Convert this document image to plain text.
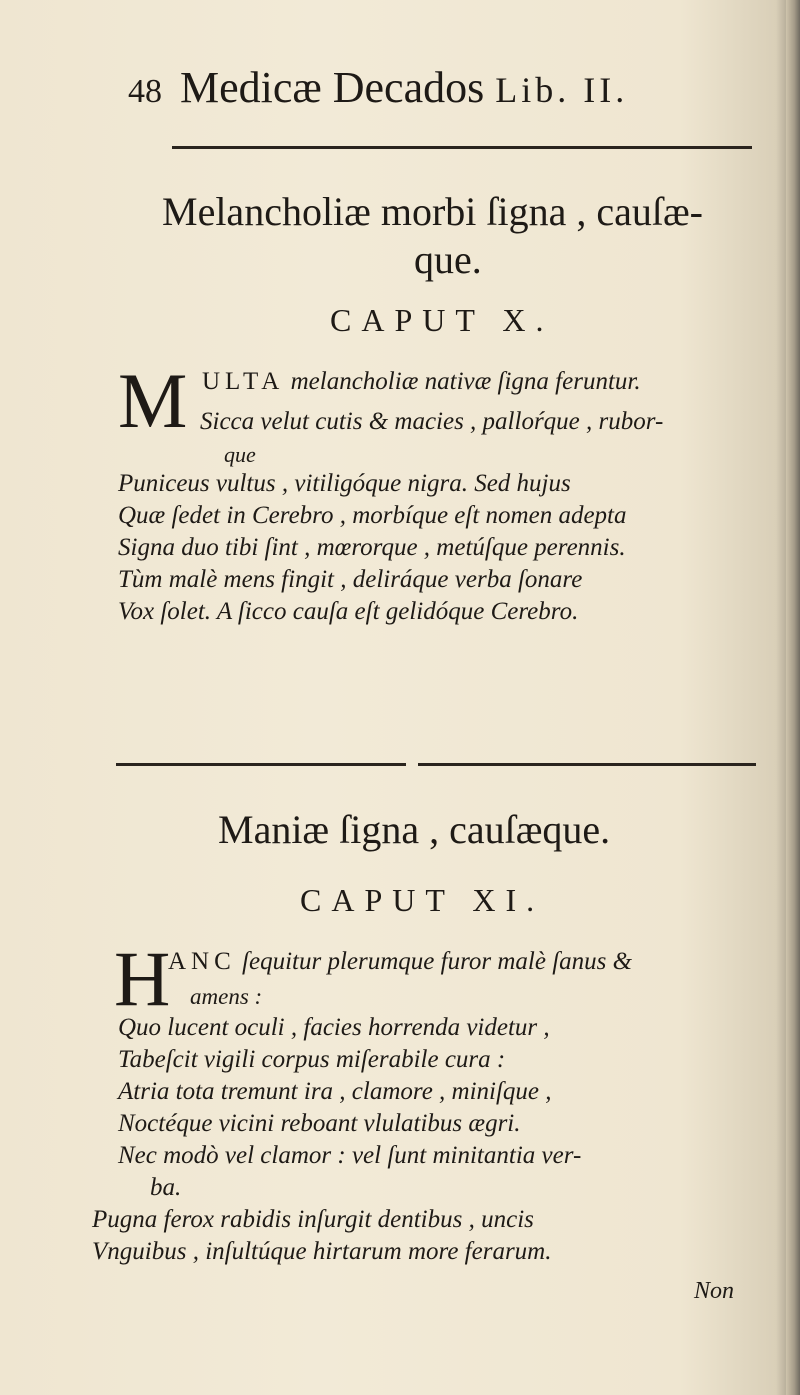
48 Medicæ Decados Lib. II.
Melancholiæ morbi ſigna , cauſæ-
que.
CAPUT X.
M ULTA melancholiæ nativæ ſigna feruntur.
Sicca velut cutis & macies , palloŕque , rubor-
que
Puniceus vultus , vitiligóque nigra. Sed hujus
Quæ ſedet in Cerebro , morbíque eſt nomen adepta
Signa duo tibi ſint , mœrorque , metúſque perennis.
Tùm malè mens fingit , deliráque verba ſonare
Vox ſolet. A ſicco cauſa eſt gelidóque Cerebro.
Maniæ ſigna , cauſæque.
CAPUT XI.
H
ANC ſequitur plerumque furor malè ſanus &
amens :
Quo lucent oculi , facies horrenda videtur ,
Tabeſcit vigili corpus miſerabile cura :
Atria tota tremunt ira , clamore , miniſque ,
Noctéque vicini reboant vlulatibus ægri.
Nec modò vel clamor : vel ſunt minitantia ver-
ba.
Pugna ferox rabidis inſurgit dentibus , uncis
Vnguibus , inſultúque hirtarum more ferarum.
Non
